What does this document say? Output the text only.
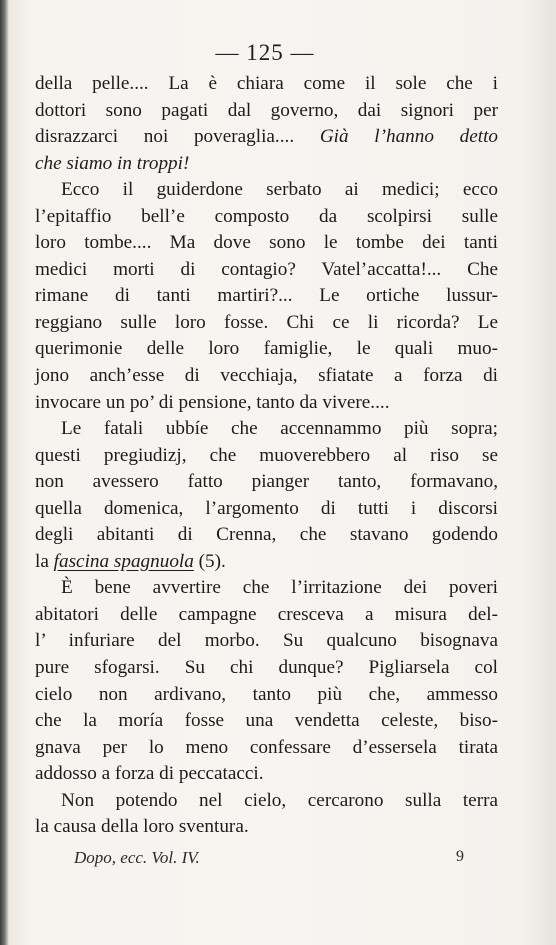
— 125 —
della pelle.... La è chiara come il sole che i
dottori sono pagati dal governo, dai signori per
disrazzarci noi poveraglia.... Già l’hanno detto
che siamo in troppi!
Ecco il guiderdone serbato ai medici; ecco
l’epitaffio bell’e composto da scolpirsi sulle
loro tombe.... Ma dove sono le tombe dei tanti
medici morti di contagio? Vatel’accatta!... Che
rimane di tanti martiri?... Le ortiche lussur-
reggiano sulle loro fosse. Chi ce li ricorda? Le
querimonie delle loro famiglie, le quali muo-
jono anch’esse di vecchiaja, sfiatate a forza di
invocare un po’ di pensione, tanto da vivere....
Le fatali ubbíe che accennammo più sopra;
questi pregiudizj, che muoverebbero al riso se
non avessero fatto pianger tanto, formavano,
quella domenica, l’argomento di tutti i discorsi
degli abitanti di Crenna, che stavano godendo
la fascina spagnuola (5).
È bene avvertire che l’irritazione dei poveri
abitatori delle campagne cresceva a misura del-
l’ infuriare del morbo. Su qualcuno bisognava
pure sfogarsi. Su chi dunque? Pigliarsela col
cielo non ardivano, tanto più che, ammesso
che la moría fosse una vendetta celeste, biso-
gnava per lo meno confessare d’essersela tirata
addosso a forza di peccatacci.
Non potendo nel cielo, cercarono sulla terra
la causa della loro sventura.
Dopo, ecc. Vol. IV.	9
